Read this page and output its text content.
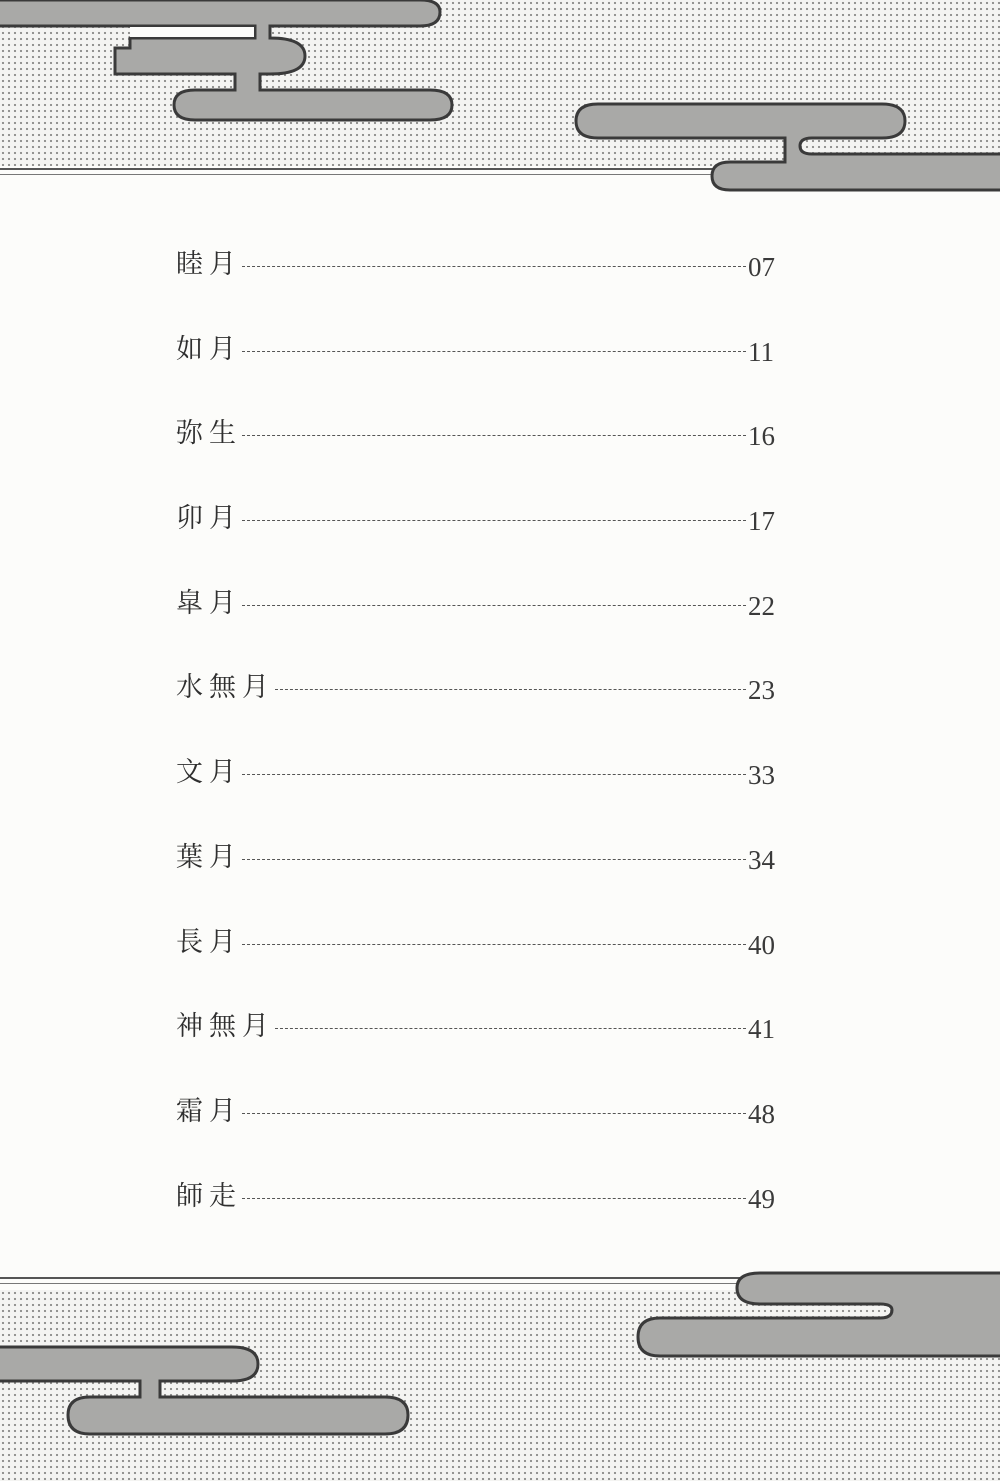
睦月	07
如月	11
弥生	16
卯月	17
皐月	22
水無月	23
文月	33
葉月	34
長月	40
神無月	41
霜月	48
師走	49
